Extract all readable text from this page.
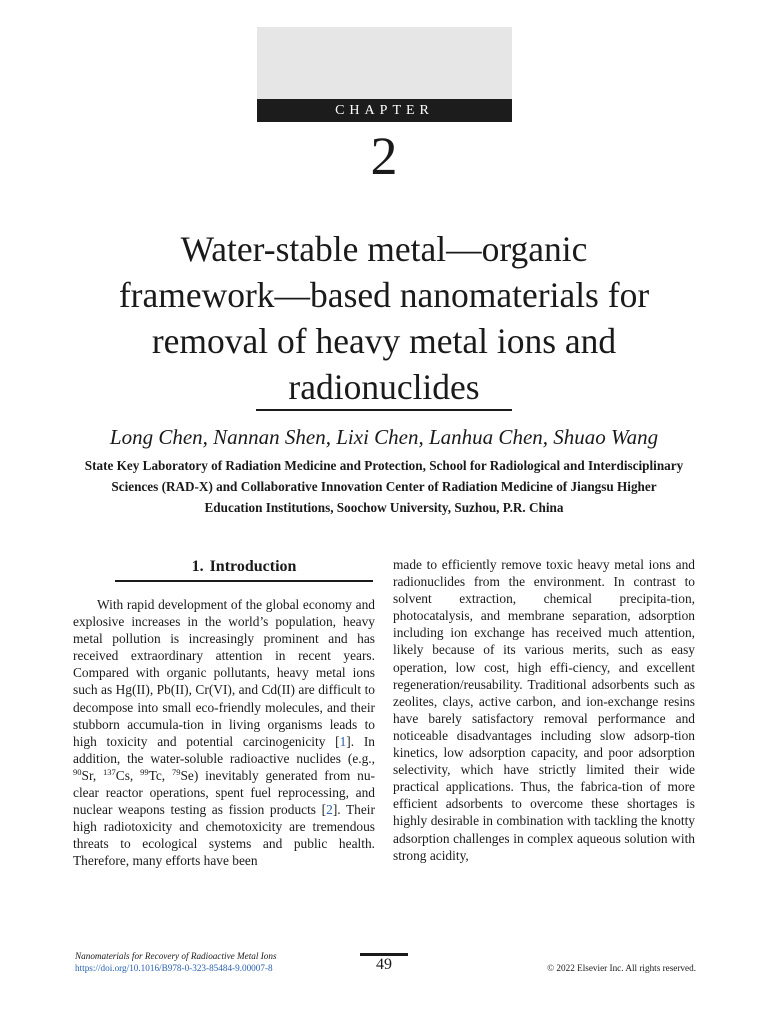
CHAPTER
2
Water-stable metal—organic
framework—based nanomaterials for
removal of heavy metal ions and
radionuclides
Long Chen, Nannan Shen, Lixi Chen, Lanhua Chen, Shuao Wang
State Key Laboratory of Radiation Medicine and Protection, School for Radiological and Interdisciplinary
Sciences (RAD-X) and Collaborative Innovation Center of Radiation Medicine of Jiangsu Higher
Education Institutions, Soochow University, Suzhou, P.R. China
1. Introduction

With rapid development of the global economy and explosive increases in the world’s population, heavy metal pollution is increasingly prominent and has received extraordinary attention in recent years. Compared with organic pollutants, heavy metal ions such as Hg(II), Pb(II), Cr(VI), and Cd(II) are difficult to decompose into small eco-friendly molecules, and their stubborn accumula-tion in living organisms leads to high toxicity and potential carcinogenicity [1]. In addition, the water-soluble radioactive nuclides (e.g., $^{90}$Sr, $^{137}$Cs, $^{99}$Tc, $^{79}$Se) inevitably generated from nu-clear reactor operations, spent fuel reprocessing, and nuclear weapons testing as fission products [2]. Their high radiotoxicity and chemotoxicity are tremendous threats to ecological systems and public health. Therefore, many efforts have been

made to efficiently remove toxic heavy metal ions and radionuclides from the environment. In contrast to solvent extraction, chemical precipita-tion, photocatalysis, and membrane separation, adsorption including ion exchange has received much attention, likely because of its various merits, such as easy operation, low cost, high effi-ciency, and excellent regeneration/reusability. Traditional adsorbents such as zeolites, clays, active carbon, and ion-exchange resins have barely satisfactory removal performance and noticeable disadvantages including slow adsorp-tion kinetics, low adsorption capacity, and poor adsorption selectivity, which have strictly limited their wide practical applications. Thus, the fabrica-tion of more efficient adsorbents to overcome these shortages is highly desirable in combination with tackling the knotty adsorption challenges in complex aqueous solution with strong acidity,

Nanomaterials for Recovery of Radioactive Metal Ions
https://doi.org/10.1016/B978-0-323-85484-9.00007-8	49	© 2022 Elsevier Inc. All rights reserved.
